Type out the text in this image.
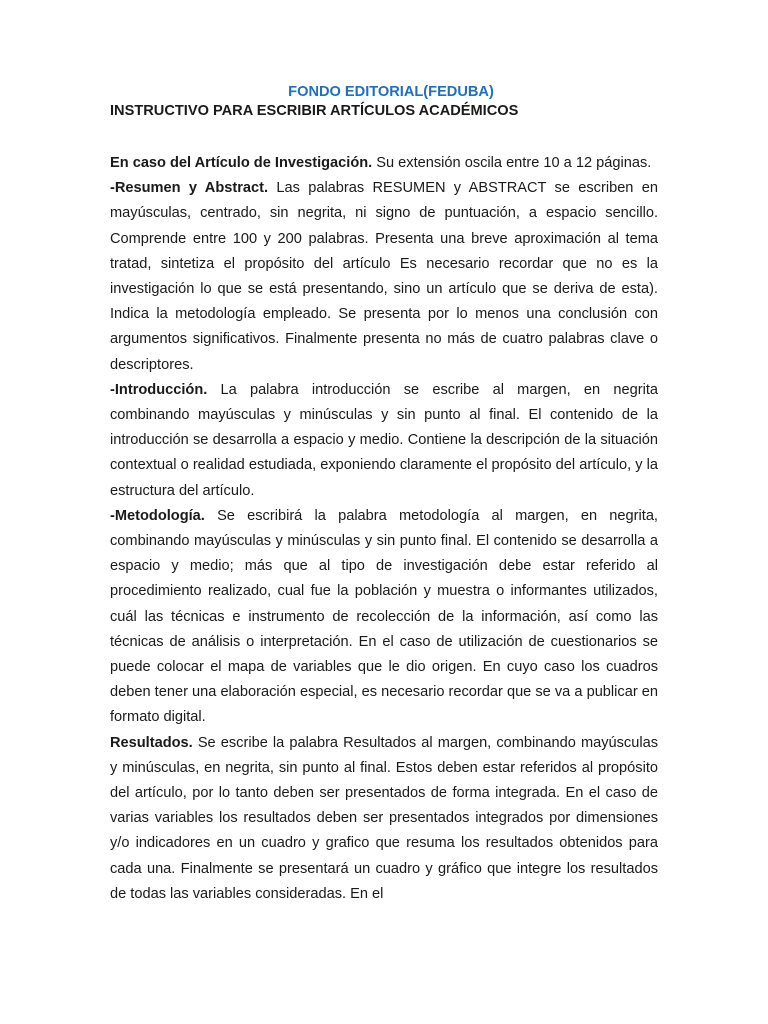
FONDO EDITORIAL(FEDUBA)

INSTRUCTIVO PARA ESCRIBIR ARTÍCULOS ACADÉMICOS

En caso del Artículo de Investigación. Su extensión oscila entre 10 a 12 páginas.

-Resumen y Abstract. Las palabras RESUMEN y ABSTRACT se escriben en mayúsculas, centrado, sin negrita, ni signo de puntuación, a espacio sencillo. Comprende entre 100 y 200 palabras. Presenta una breve aproximación al tema tratad, sintetiza el propósito del artículo Es necesario recordar que no es la investigación lo que se está presentando, sino un artículo que se deriva de esta). Indica la metodología empleado. Se presenta por lo menos una conclusión con argumentos significativos. Finalmente presenta no más de cuatro palabras clave o descriptores.

-Introducción. La palabra introducción se escribe al margen, en negrita combinando mayúsculas y minúsculas y sin punto al final. El contenido de la introducción se desarrolla a espacio y medio. Contiene la descripción de la situación contextual o realidad estudiada, exponiendo claramente el propósito del artículo, y la estructura del artículo.

-Metodología. Se escribirá la palabra metodología al margen, en negrita, combinando mayúsculas y minúsculas y sin punto final. El contenido se desarrolla a espacio y medio; más que al tipo de investigación debe estar referido al procedimiento realizado, cual fue la población y muestra o informantes utilizados, cuál las técnicas e instrumento de recolección de la información, así como las técnicas de análisis o interpretación. En el caso de utilización de cuestionarios se puede colocar el mapa de variables que le dio origen. En cuyo caso los cuadros deben tener una elaboración especial, es necesario recordar que se va a publicar en formato digital.

Resultados. Se escribe la palabra Resultados al margen, combinando mayúsculas y minúsculas, en negrita, sin punto al final. Estos deben estar referidos al propósito del artículo, por lo tanto deben ser presentados de forma integrada. En el caso de varias variables los resultados deben ser presentados integrados por dimensiones y/o indicadores en un cuadro y grafico que resuma los resultados obtenidos para cada una. Finalmente se presentará un cuadro y gráfico que integre los resultados de todas las variables consideradas. En el
